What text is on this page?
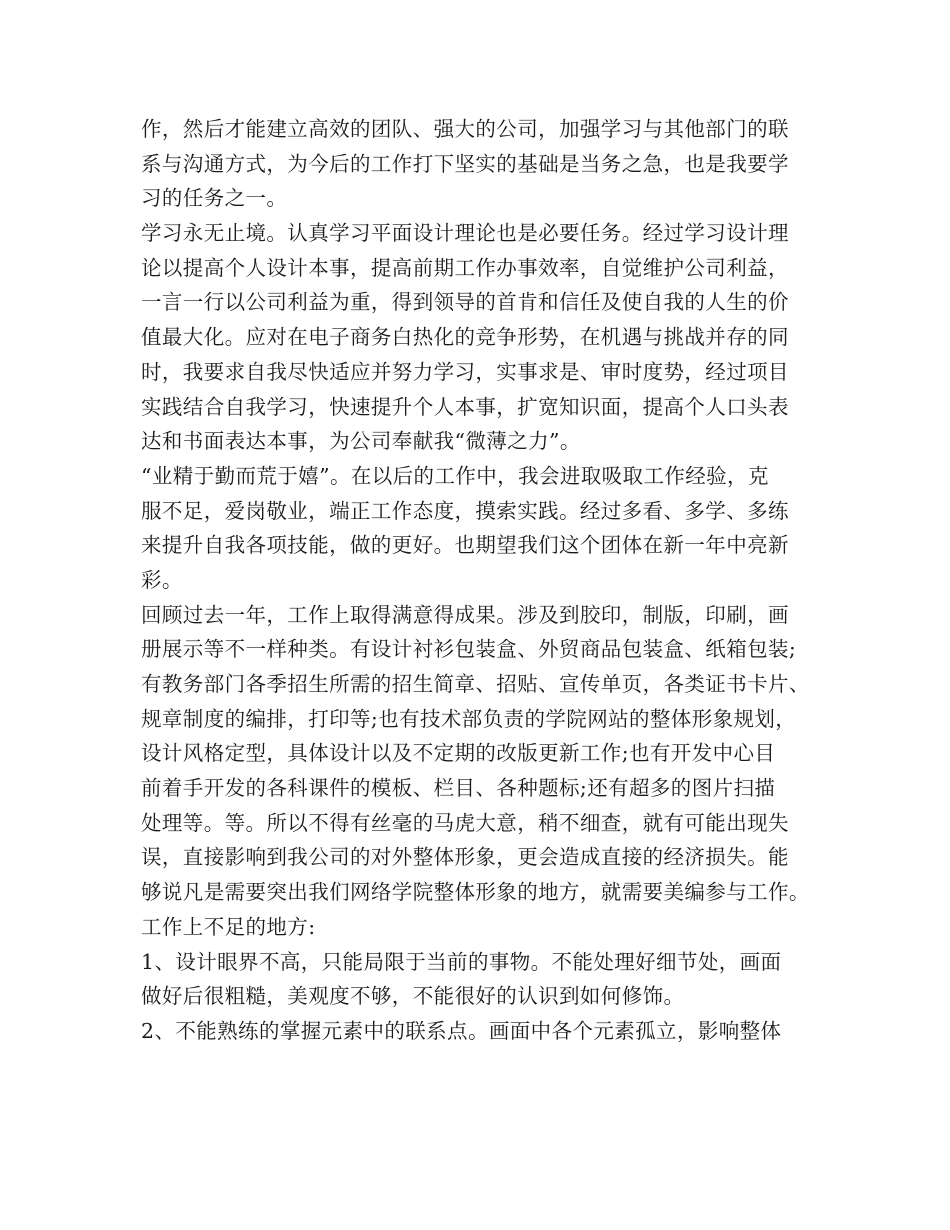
作，然后才能建立高效的团队、强大的公司，加强学习与其他部门的联
系与沟通方式，为今后的工作打下坚实的基础是当务之急，也是我要学
习的任务之一。
学习永无止境。认真学习平面设计理论也是必要任务。经过学习设计理
论以提高个人设计本事，提高前期工作办事效率，自觉维护公司利益，
一言一行以公司利益为重，得到领导的首肯和信任及使自我的人生的价
值最大化。应对在电子商务白热化的竞争形势，在机遇与挑战并存的同
时，我要求自我尽快适应并努力学习，实事求是、审时度势，经过项目
实践结合自我学习，快速提升个人本事，扩宽知识面，提高个人口头表
达和书面表达本事，为公司奉献我“微薄之力”。
“业精于勤而荒于嬉”。在以后的工作中，我会进取吸取工作经验，克
服不足，爱岗敬业，端正工作态度，摸索实践。经过多看、多学、多练
来提升自我各项技能，做的更好。也期望我们这个团体在新一年中亮新
彩。
回顾过去一年，工作上取得满意得成果。涉及到胶印，制版，印刷，画
册展示等不一样种类。有设计衬衫包装盒、外贸商品包装盒、纸箱包装;
有教务部门各季招生所需的招生简章、招贴、宣传单页，各类证书卡片、
规章制度的编排，打印等;也有技术部负责的学院网站的整体形象规划，
设计风格定型，具体设计以及不定期的改版更新工作;也有开发中心目
前着手开发的各科课件的模板、栏目、各种题标;还有超多的图片扫描
处理等。等。所以不得有丝毫的马虎大意，稍不细查，就有可能出现失
误，直接影响到我公司的对外整体形象，更会造成直接的经济损失。能
够说凡是需要突出我们网络学院整体形象的地方，就需要美编参与工作。
工作上不足的地方:
1、设计眼界不高，只能局限于当前的事物。不能处理好细节处，画面
做好后很粗糙，美观度不够，不能很好的认识到如何修饰。
2、不能熟练的掌握元素中的联系点。画面中各个元素孤立，影响整体
